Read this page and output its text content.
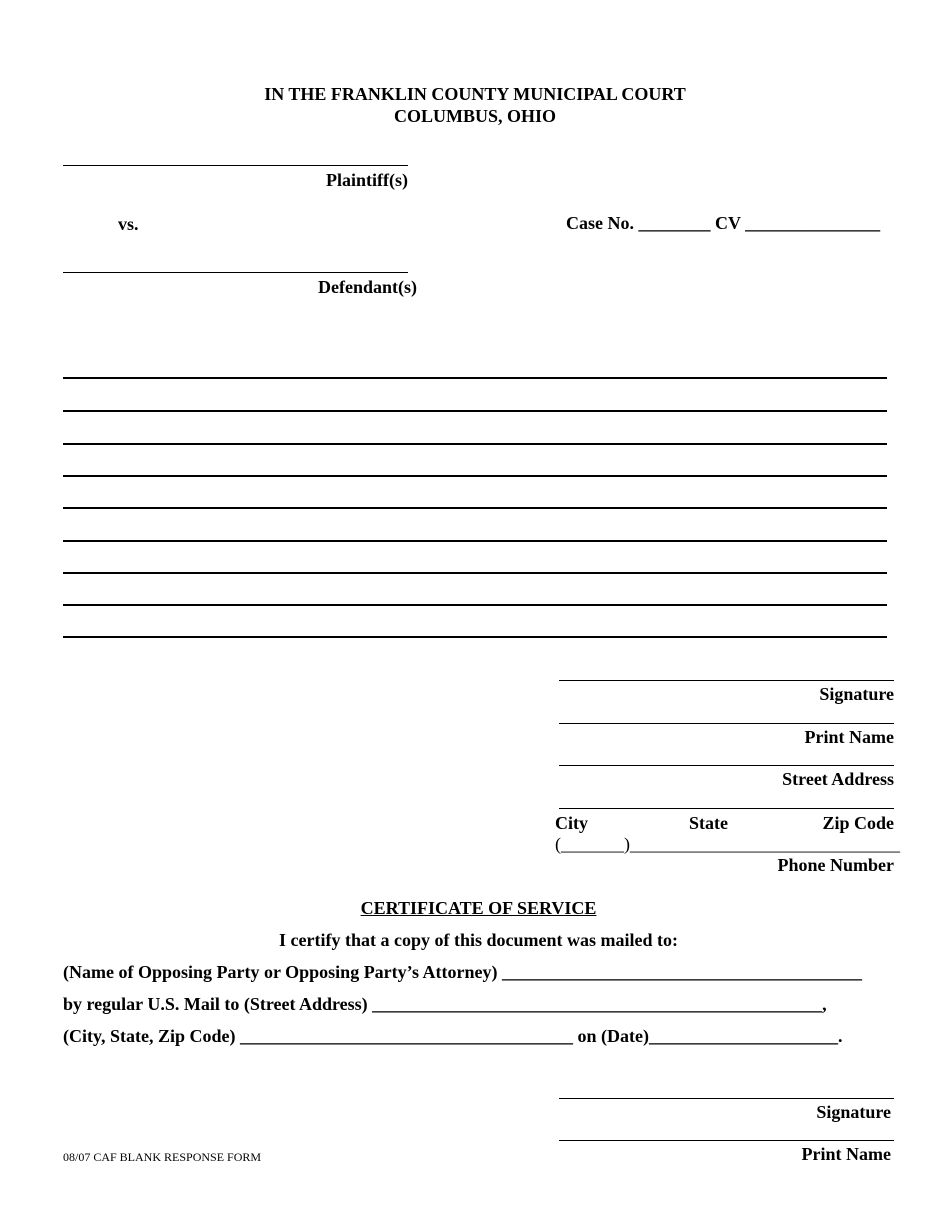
IN THE FRANKLIN COUNTY MUNICIPAL COURT
COLUMBUS, OHIO
Plaintiff(s)
vs.	Case No. ________ CV _______________
Defendant(s)
Signature
Print Name
Street Address
City	State	Zip Code
(_______)______________________________
Phone Number
CERTIFICATE OF SERVICE
I certify that a copy of this document was mailed to:
(Name of Opposing Party or Opposing Party’s Attorney) ________________________________________
by regular U.S. Mail to (Street Address) __________________________________________________,
(City, State, Zip Code) _____________________________________ on (Date)_____________________.
Signature
Print Name
08/07 CAF BLANK RESPONSE FORM
